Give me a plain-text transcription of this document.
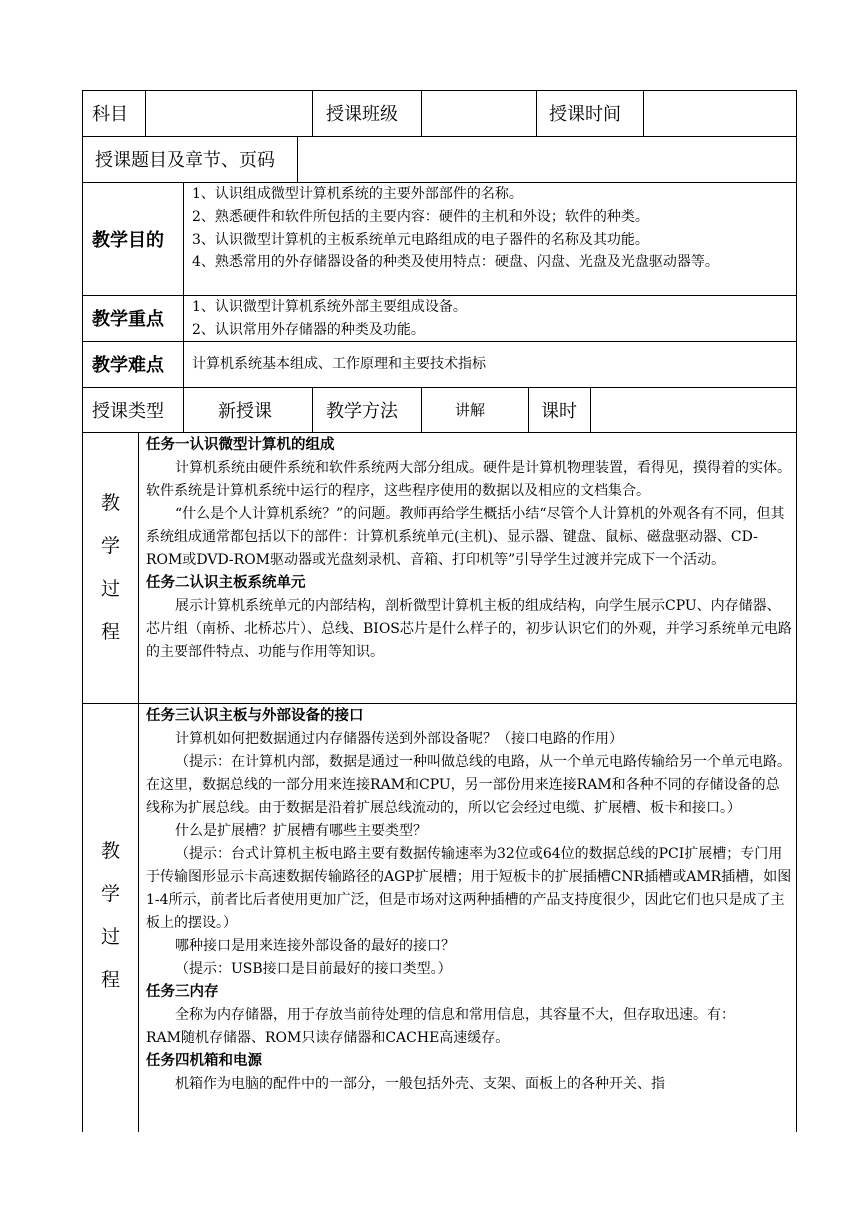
科目	授课班级	授课时间
授课题目及章节、页码
教学目的

1、认识组成微型计算机系统的主要外部部件的名称。

2、熟悉硬件和软件所包括的主要内容：硬件的主机和外设；软件的种类。

3、认识微型计算机的主板系统单元电路组成的电子器件的名称及其功能。

4、熟悉常用的外存储器设备的种类及使用特点：硬盘、闪盘、光盘及光盘驱动器等。

教学重点

1、认识微型计算机系统外部主要组成设备。

2、认识常用外存储器的种类及功能。

教学难点 计算机系统基本组成、工作原理和主要技术指标
授课类型	新授课	教学方法	讲解	课时
教
学
过
程

任务一认识微型计算机的组成

计算机系统由硬件系统和软件系统两大部分组成。硬件是计算机物理装置，看得见，摸得着的实体。软件系统是计算机系统中运行的程序，这些程序使用的数据以及相应的文档集合。

“什么是个人计算机系统？”的问题。教师再给学生概括小结“尽管个人计算机的外观各有不同，但其系统组成通常都包括以下的部件：计算机系统单元(主机)、显示器、键盘、鼠标、磁盘驱动器、CD-ROM或DVD-ROM驱动器或光盘刻录机、音箱、打印机等”引导学生过渡并完成下一个活动。

任务二认识主板系统单元

展示计算机系统单元的内部结构，剖析微型计算机主板的组成结构，向学生展示CPU、内存储器、芯片组（南桥、北桥芯片）、总线、BIOS芯片是什么样子的，初步认识它们的外观，并学习系统单元电路的主要部件特点、功能与作用等知识。

教
学
过
程

任务三认识主板与外部设备的接口

计算机如何把数据通过内存储器传送到外部设备呢？（接口电路的作用）

（提示：在计算机内部，数据是通过一种叫做总线的电路，从一个单元电路传输给另一个单元电路。在这里，数据总线的一部分用来连接RAM和CPU，另一部份用来连接RAM和各种不同的存储设备的总线称为扩展总线。由于数据是沿着扩展总线流动的，所以它会经过电缆、扩展槽、板卡和接口。）

什么是扩展槽？扩展槽有哪些主要类型？

（提示：台式计算机主板电路主要有数据传输速率为32位或64位的数据总线的PCI扩展槽；专门用于传输图形显示卡高速数据传输路径的AGP扩展槽；用于短板卡的扩展插槽CNR插槽或AMR插槽，如图1-4所示，前者比后者使用更加广泛，但是市场对这两种插槽的产品支持度很少，因此它们也只是成了主板上的摆设。）

哪种接口是用来连接外部设备的最好的接口？

（提示：USB接口是目前最好的接口类型。）

任务三内存

全称为内存储器，用于存放当前待处理的信息和常用信息，其容量不大，但存取迅速。有：

RAM随机存储器、ROM只读存储器和CACHE高速缓存。

任务四机箱和电源

机箱作为电脑的配件中的一部分，一般包括外壳、支架、面板上的各种开关、指
